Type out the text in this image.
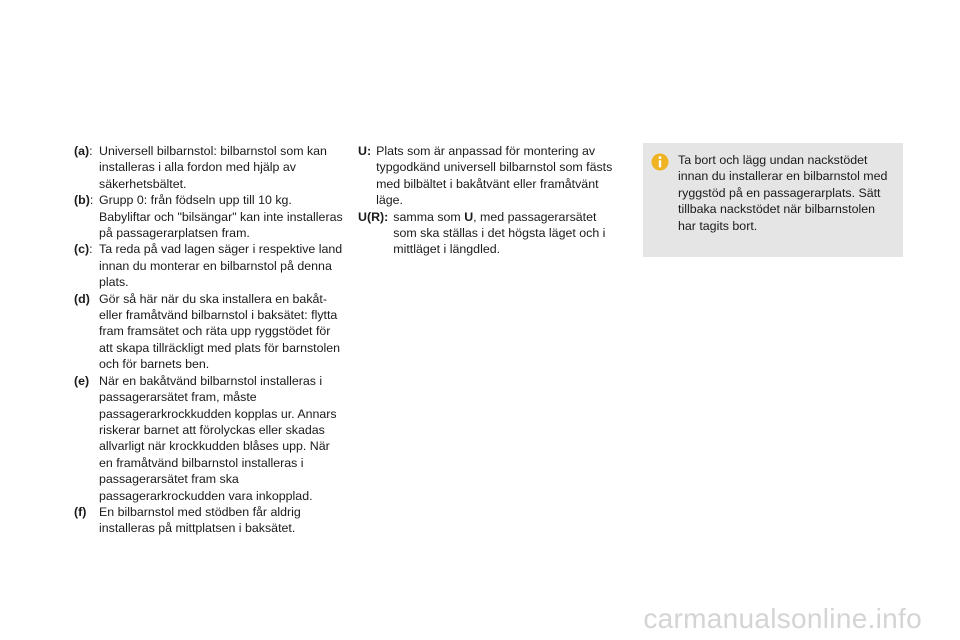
(a): Universell bilbarnstol: bilbarnstol som kan installeras i alla fordon med hjälp av säkerhetsbältet.
(b): Grupp 0: från födseln upp till 10 kg. Babyliftar och "bilsängar" kan inte installeras på passagerarplatsen fram.
(c): Ta reda på vad lagen säger i respektive land innan du monterar en bilbarnstol på denna plats.
(d) Gör så här när du ska installera en bakåt-eller framåtvänd bilbarnstol i baksätet: flytta fram framsätet och räta upp ryggstödet för att skapa tillräckligt med plats för barnstolen och för barnets ben.
(e) När en bakåtvänd bilbarnstol installeras i passagerarsätet fram, måste passagerarkrockkudden kopplas ur. Annars riskerar barnet att förolyckas eller skadas allvarligt när krockkudden blåses upp. När en framåtvänd bilbarnstol installeras i passagerarsätet fram ska passagerarkrockudden vara inkopplad.
(f)	En bilbarnstol med stödben får aldrig installeras på mittplatsen i baksätet.
U: Plats som är anpassad för montering av typgodkänd universell bilbarnstol som fästs med bilbältet i bakåtvänt eller framåtvänt läge.
U(R): samma som U, med passagerarsätet som ska ställas i det högsta läget och i mittläget i längdled.
Ta bort och lägg undan nackstödet innan du installerar en bilbarnstol med ryggstöd på en passagerarplats. Sätt tillbaka nackstödet när bilbarnstolen har tagits bort.
carmanualsonline.info
